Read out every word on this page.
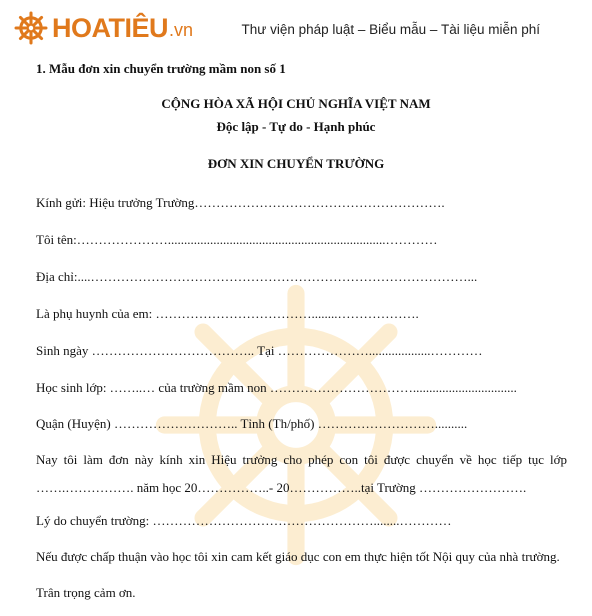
HOATIÊU .vn	Thư viện pháp luật – Biểu mẫu – Tài liệu miễn phí
1. Mẫu đơn xin chuyển trường mầm non số 1
CỘNG HÒA XÃ HỘI CHỦ NGHĨA VIỆT NAM
Độc lập - Tự do - Hạnh phúc
ĐƠN XIN CHUYỂN TRƯỜNG
Kính gửi: Hiệu trưởng Trường………………………………………………….
Tôi tên:…………………...................................................................…………
Địa chỉ:....……………………………………………………………………………...
Là phụ huynh của em: ………………………………........……………….
Sinh ngày ……………………………….. Tại …………………...................…………
Học sinh lớp: ……..… của trường mầm non ……………………………................................
Quận (Huyện) ……………………….. Tỉnh (Th/phố) ………………………..........
Nay tôi làm đơn này kính xin Hiệu trưởng cho phép con tôi được chuyển về học tiếp tục lớp …….……………. năm học 20……………..- 20……………..tại Trường …………………….
Lý do chuyển trường: ……………………………………………........…………
Nếu được chấp thuận vào học tôi xin cam kết giáo dục con em thực hiện tốt Nội quy của nhà trường.
Trân trọng cảm ơn.
